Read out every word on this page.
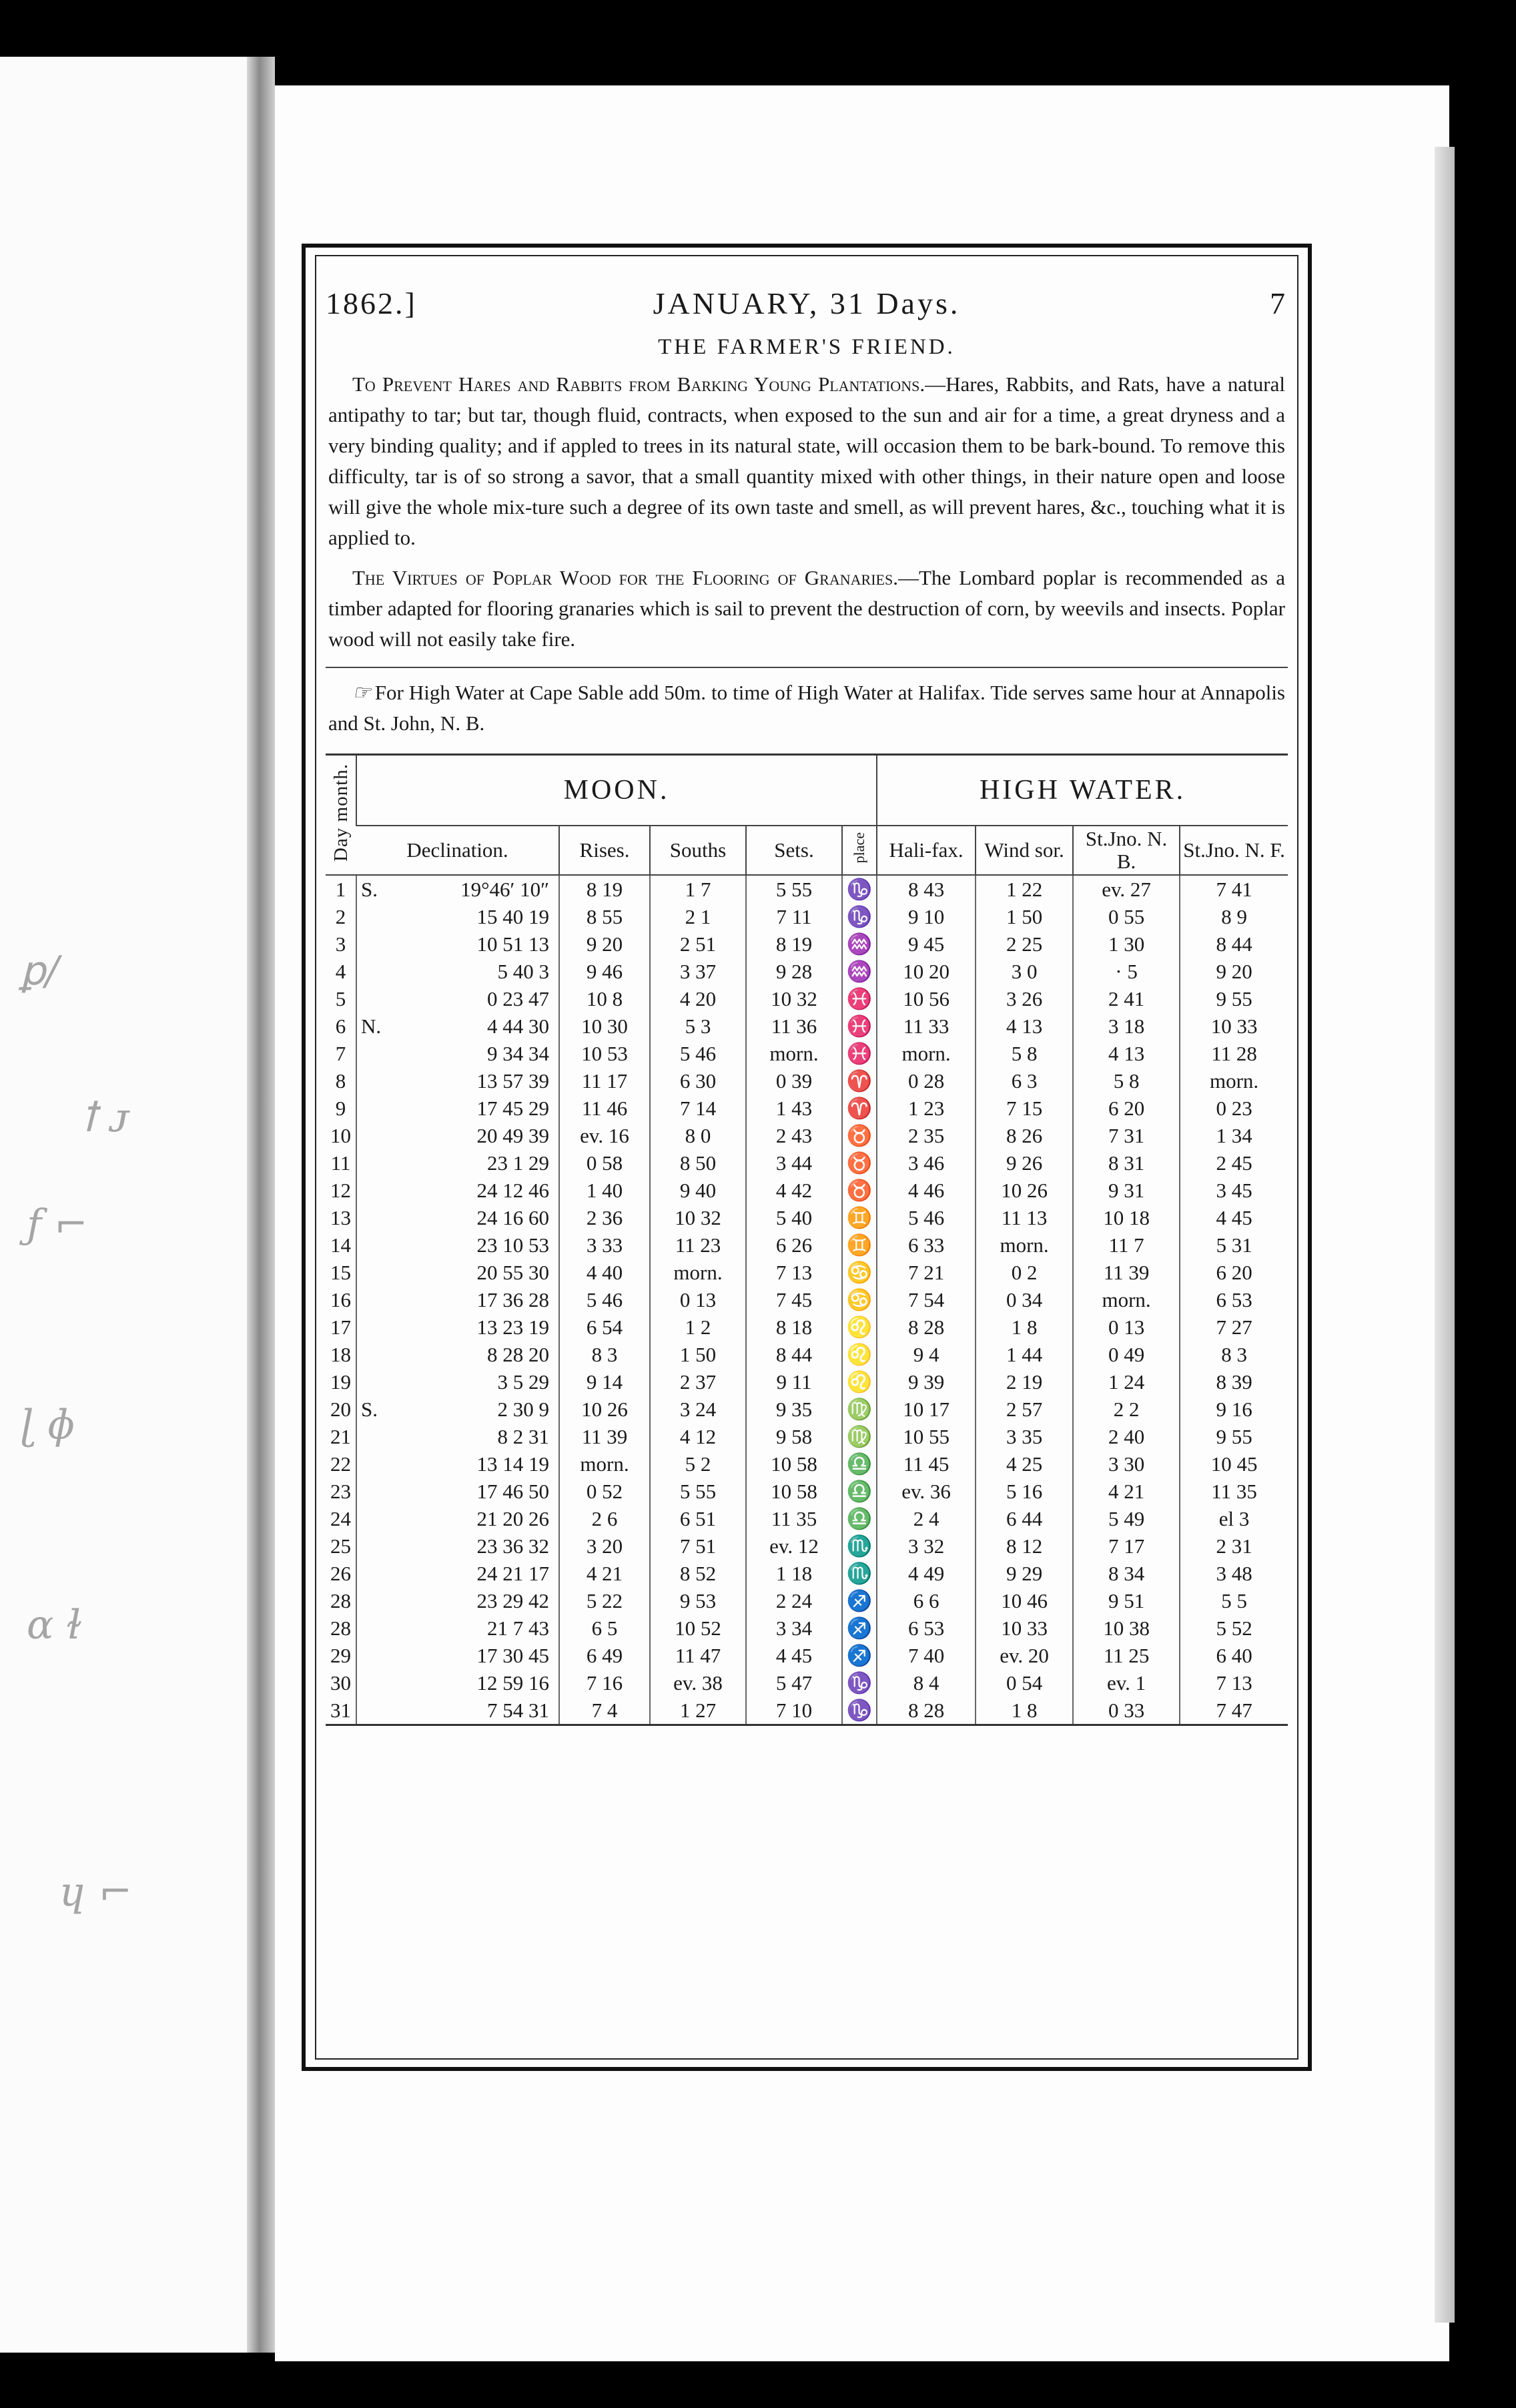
ꝑ/
ꝉ ᴊ
ƒ ⌐
ɭ ɸ
ɑ ɫ
ɥ ⌐
1862.]	JANUARY, 31 Days.	7
THE FARMER'S FRIEND.

To Prevent Hares and Rabbits from Barking Young Plantations.—Hares, Rabbits, and Rats, have a natural antipathy to tar; but tar, though fluid, contracts, when exposed to the sun and air for a time, a great dryness and a very binding quality; and if appled to trees in its natural state, will occasion them to be bark-bound. To remove this difficulty, tar is of so strong a savor, that a small quantity mixed with other things, in their nature open and loose will give the whole mix-ture such a degree of its own taste and smell, as will prevent hares, &c., touching what it is applied to.

The Virtues of Poplar Wood for the Flooring of Granaries.—The Lombard poplar is recommended as a timber adapted for flooring granaries which is sail to prevent the destruction of corn, by weevils and insects. Poplar wood will not easily take fire.

☞ For High Water at Cape Sable add 50m. to time of High Water at Halifax. Tide serves same hour at Annapolis and St. John, N. B.

Day month.	MOON.					HIGH WATER.			
	Declination.	Rises.	Souths	Sets.	place	Hali-fax.	Wind sor.	St.Jno. N. B.	St.Jno. N. F.
1	S. 19°46′ 10″	8 19	1 7	5 55	♑	8 43	1 22	ev. 27	7 41
2	15 40 19	8 55	2 1	7 11	♑	9 10	1 50	0 55	8 9
3	10 51 13	9 20	2 51	8 19	♒	9 45	2 25	1 30	8 44
4	5 40 3	9 46	3 37	9 28	♒	10 20	3 0	· 5	9 20
5	0 23 47	10 8	4 20	10 32	♓	10 56	3 26	2 41	9 55
6	N. 4 44 30	10 30	5 3	11 36	♓	11 33	4 13	3 18	10 33
7	9 34 34	10 53	5 46	morn.	♓	morn.	5 8	4 13	11 28
8	13 57 39	11 17	6 30	0 39	♈	0 28	6 3	5 8	morn.
9	17 45 29	11 46	7 14	1 43	♈	1 23	7 15	6 20	0 23
10	20 49 39	ev. 16	8 0	2 43	♉	2 35	8 26	7 31	1 34
11	23 1 29	0 58	8 50	3 44	♉	3 46	9 26	8 31	2 45
12	24 12 46	1 40	9 40	4 42	♉	4 46	10 26	9 31	3 45
13	24 16 60	2 36	10 32	5 40	♊	5 46	11 13	10 18	4 45
14	23 10 53	3 33	11 23	6 26	♊	6 33	morn.	11 7	5 31
15	20 55 30	4 40	morn.	7 13	♋	7 21	0 2	11 39	6 20
16	17 36 28	5 46	0 13	7 45	♋	7 54	0 34	morn.	6 53
17	13 23 19	6 54	1 2	8 18	♌	8 28	1 8	0 13	7 27
18	8 28 20	8 3	1 50	8 44	♌	9 4	1 44	0 49	8 3
19	3 5 29	9 14	2 37	9 11	♌	9 39	2 19	1 24	8 39
20	S. 2 30 9	10 26	3 24	9 35	♍	10 17	2 57	2 2	9 16
21	8 2 31	11 39	4 12	9 58	♍	10 55	3 35	2 40	9 55
22	13 14 19	morn.	5 2	10 58	♎	11 45	4 25	3 30	10 45
23	17 46 50	0 52	5 55	10 58	♎	ev. 36	5 16	4 21	11 35
24	21 20 26	2 6	6 51	11 35	♎	2 4	6 44	5 49	el 3
25	23 36 32	3 20	7 51	ev. 12	♏	3 32	8 12	7 17	2 31
26	24 21 17	4 21	8 52	1 18	♏	4 49	9 29	8 34	3 48
28	23 29 42	5 22	9 53	2 24	♐	6 6	10 46	9 51	5 5
28	21 7 43	6 5	10 52	3 34	♐	6 53	10 33	10 38	5 52
29	17 30 45	6 49	11 47	4 45	♐	7 40	ev. 20	11 25	6 40
30	12 59 16	7 16	ev. 38	5 47	♑	8 4	0 54	ev. 1	7 13
31	7 54 31	7 4	1 27	7 10	♑	8 28	1 8	0 33	7 47
